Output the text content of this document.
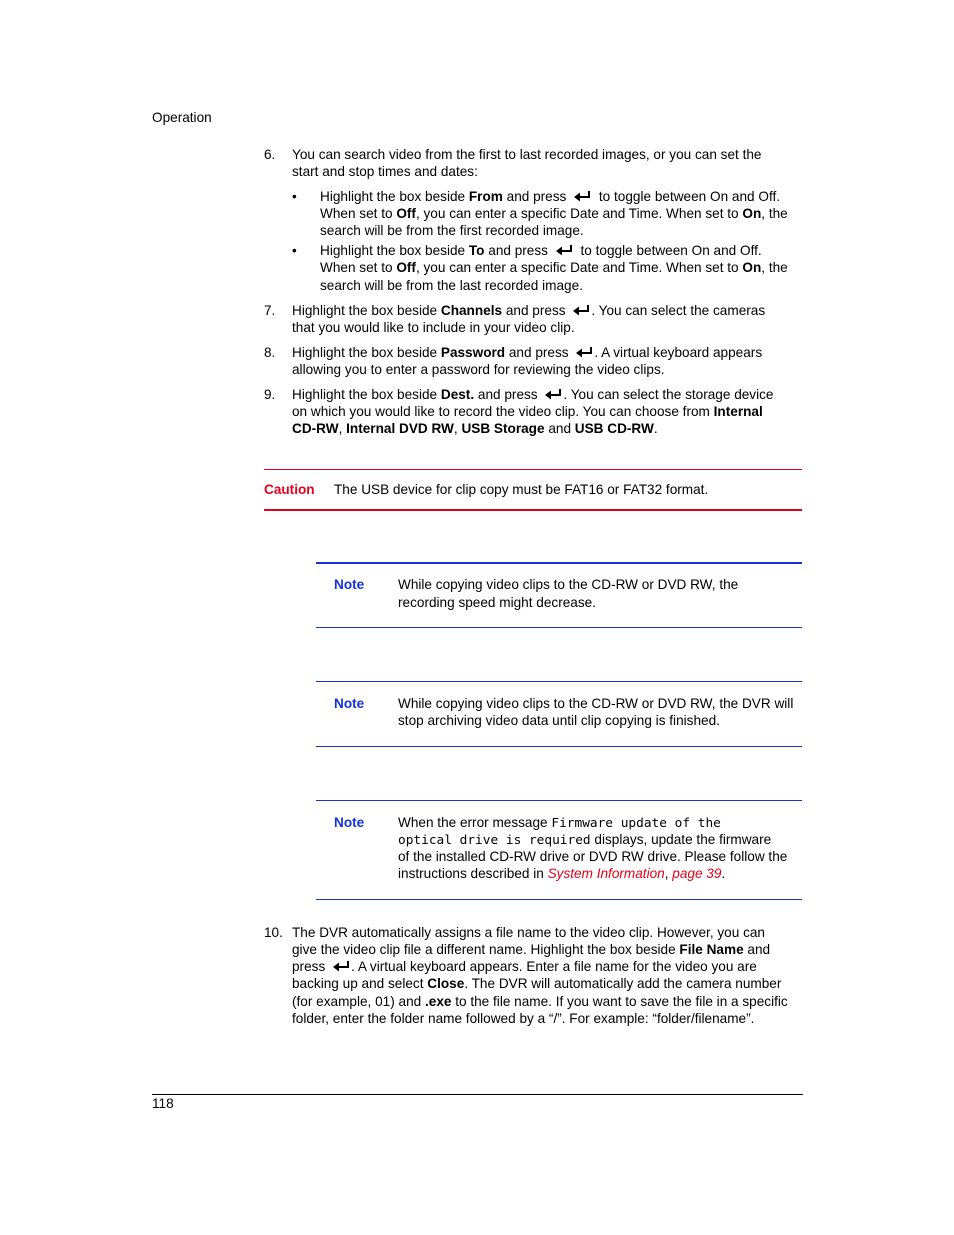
Operation
6. You can search video from the first to last recorded images, or you can set the
start and stop times and dates:
• Highlight the box beside From and press to toggle between On and Off.
When set to Off, you can enter a specific Date and Time. When set to On, the
search will be from the first recorded image.
• Highlight the box beside To and press to toggle between On and Off.
When set to Off, you can enter a specific Date and Time. When set to On, the
search will be from the last recorded image.
7. Highlight the box beside Channels and press . You can select the cameras
that you would like to include in your video clip.
8. Highlight the box beside Password and press . A virtual keyboard appears
allowing you to enter a password for reviewing the video clips.
9. Highlight the box beside Dest. and press . You can select the storage device
on which you would like to record the video clip. You can choose from Internal
CD-RW, Internal DVD RW, USB Storage and USB CD-RW.
Caution The USB device for clip copy must be FAT16 or FAT32 format.
Note While copying video clips to the CD-RW or DVD RW, the
recording speed might decrease.
Note While copying video clips to the CD-RW or DVD RW, the DVR will
stop archiving video data until clip copying is finished.
Note When the error message Firmware update of the
optical drive is required displays, update the firmware
of the installed CD-RW drive or DVD RW drive. Please follow the
instructions described in System Information, page 39.
10. The DVR automatically assigns a file name to the video clip. However, you can
give the video clip file a different name. Highlight the box beside File Name and
press . A virtual keyboard appears. Enter a file name for the video you are
backing up and select Close. The DVR will automatically add the camera number
(for example, 01) and .exe to the file name. If you want to save the file in a specific
folder, enter the folder name followed by a “/”. For example: “folder/filename”.
118
